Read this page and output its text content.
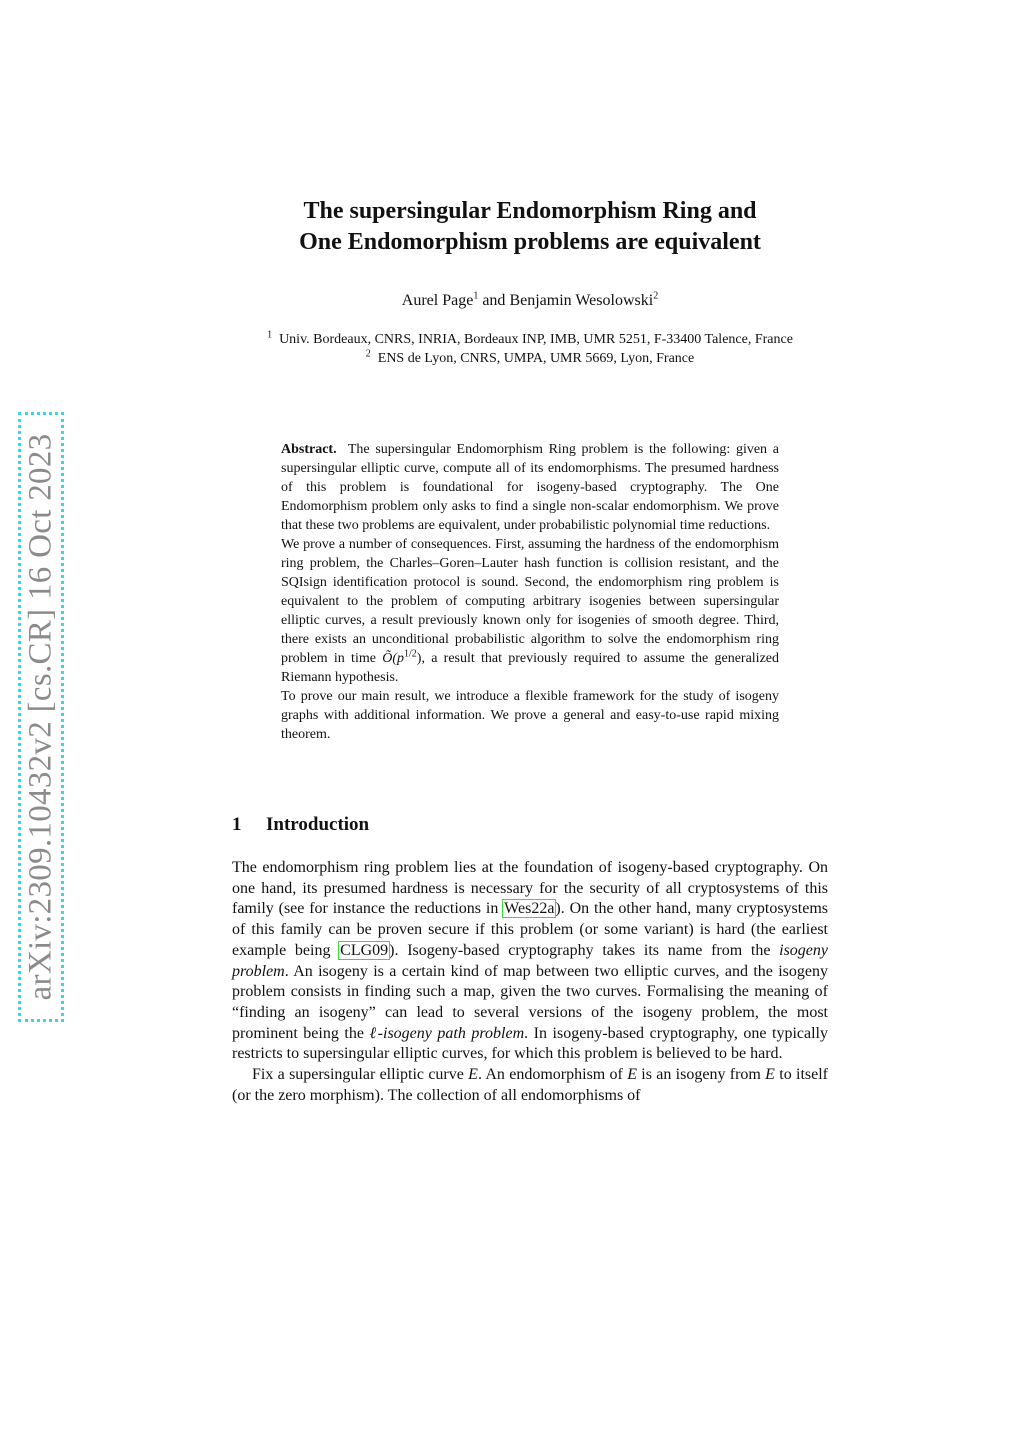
arXiv:2309.10432v2 [cs.CR] 16 Oct 2023
The supersingular Endomorphism Ring and
One Endomorphism problems are equivalent
Aurel Page$^1$ and Benjamin Wesolowski$^2$
$^1$ Univ. Bordeaux, CNRS, INRIA, Bordeaux INP, IMB, UMR 5251, F-33400 Talence, France
$^2$ ENS de Lyon, CNRS, UMPA, UMR 5669, Lyon, France

Abstract. The supersingular Endomorphism Ring problem is the following: given a supersingular elliptic curve, compute all of its endomorphisms. The presumed hardness of this problem is foundational for isogeny-based cryptography. The One Endomorphism problem only asks to find a single non-scalar endomorphism. We prove that these two problems are equivalent, under probabilistic polynomial time reductions.

We prove a number of consequences. First, assuming the hardness of the endomorphism ring problem, the Charles–Goren–Lauter hash function is collision resistant, and the SQIsign identification protocol is sound. Second, the endomorphism ring problem is equivalent to the problem of computing arbitrary isogenies between supersingular elliptic curves, a result previously known only for isogenies of smooth degree. Third, there exists an unconditional probabilistic algorithm to solve the endomorphism ring problem in time $Õ(p^{1/2})$, a result that previously required to assume the generalized Riemann hypothesis.

To prove our main result, we introduce a flexible framework for the study of isogeny graphs with additional information. We prove a general and easy-to-use rapid mixing theorem.

1 Introduction

The endomorphism ring problem lies at the foundation of isogeny-based cryptography. On one hand, its presumed hardness is necessary for the security of all cryptosystems of this family (see for instance the reductions in Wes22a). On the other hand, many cryptosystems of this family can be proven secure if this problem (or some variant) is hard (the earliest example being CLG09). Isogeny-based cryptography takes its name from the isogeny problem. An isogeny is a certain kind of map between two elliptic curves, and the isogeny problem consists in finding such a map, given the two curves. Formalising the meaning of “finding an isogeny” can lead to several versions of the isogeny problem, the most prominent being the ℓ-isogeny path problem. In isogeny-based cryptography, one typically restricts to supersingular elliptic curves, for which this problem is believed to be hard.

Fix a supersingular elliptic curve E. An endomorphism of E is an isogeny from E to itself (or the zero morphism). The collection of all endomorphisms of
